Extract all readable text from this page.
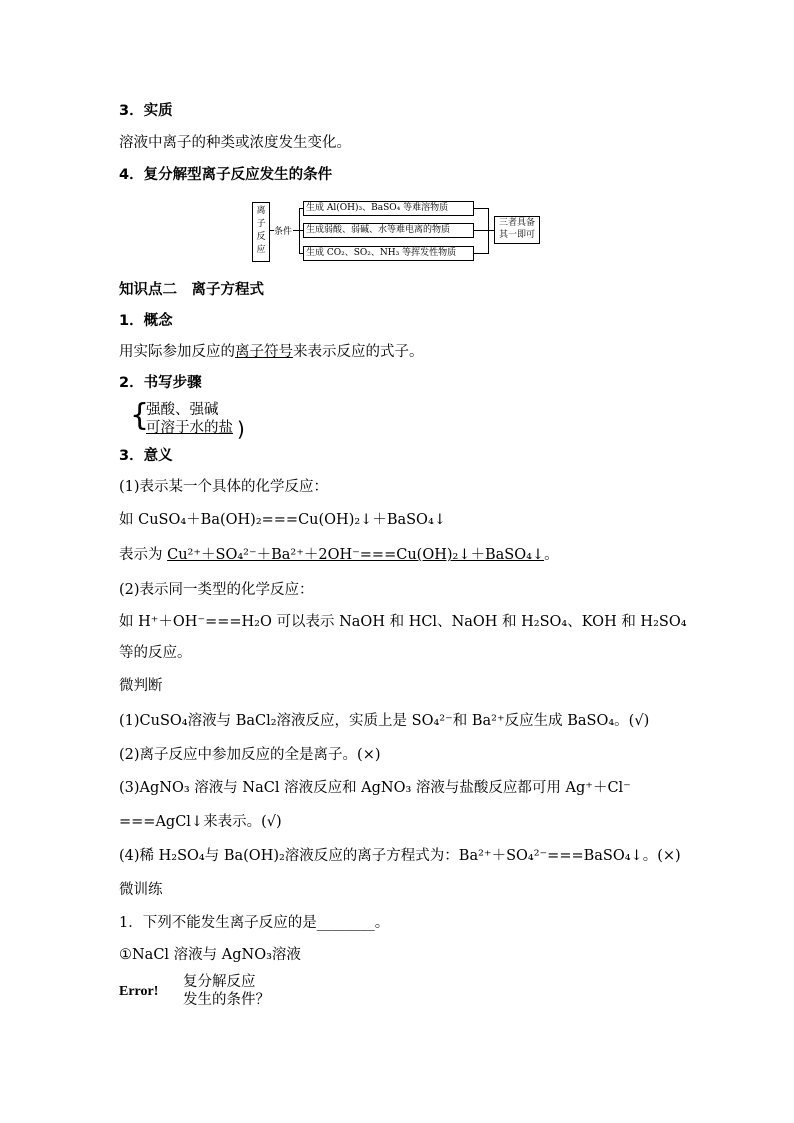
3．实质
溶液中离子的种类或浓度发生变化。
4．复分解型离子反应发生的条件
离子反应
条件
生成 Al(OH)₃、BaSO₄ 等难溶物质
生成弱酸、弱碱、水等难电离的物质
生成 CO₂、SO₂、NH₃ 等挥发性物质
三者具备其一即可
知识点二　离子方程式
1．概念
用实际参加反应的离子符号来表示反应的式子。
2．书写步骤
{
强酸、强碱
可溶于水的盐 )
3．意义
(1)表示某一个具体的化学反应：
如 CuSO₄＋Ba(OH)₂===Cu(OH)₂↓＋BaSO₄↓
表示为 Cu²⁺＋SO₄²⁻＋Ba²⁺＋2OH⁻===Cu(OH)₂↓＋BaSO₄↓。
(2)表示同一类型的化学反应：
如 H⁺＋OH⁻===H₂O 可以表示 NaOH 和 HCl、NaOH 和 H₂SO₄、KOH 和 H₂SO₄
等的反应。
微判断
(1)CuSO₄溶液与 BaCl₂溶液反应，实质上是 SO₄²⁻和 Ba²⁺反应生成 BaSO₄。(√)
(2)离子反应中参加反应的全是离子。(×)
(3)AgNO₃ 溶液与 NaCl 溶液反应和 AgNO₃ 溶液与盐酸反应都可用 Ag⁺＋Cl⁻
===AgCl↓来表示。(√)
(4)稀 H₂SO₄与 Ba(OH)₂溶液反应的离子方程式为：Ba²⁺＋SO₄²⁻===BaSO₄↓。(×)
微训练
1．下列不能发生离子反应的是________。
①NaCl 溶液与 AgNO₃溶液
Error!
复分解反应
发生的条件？
